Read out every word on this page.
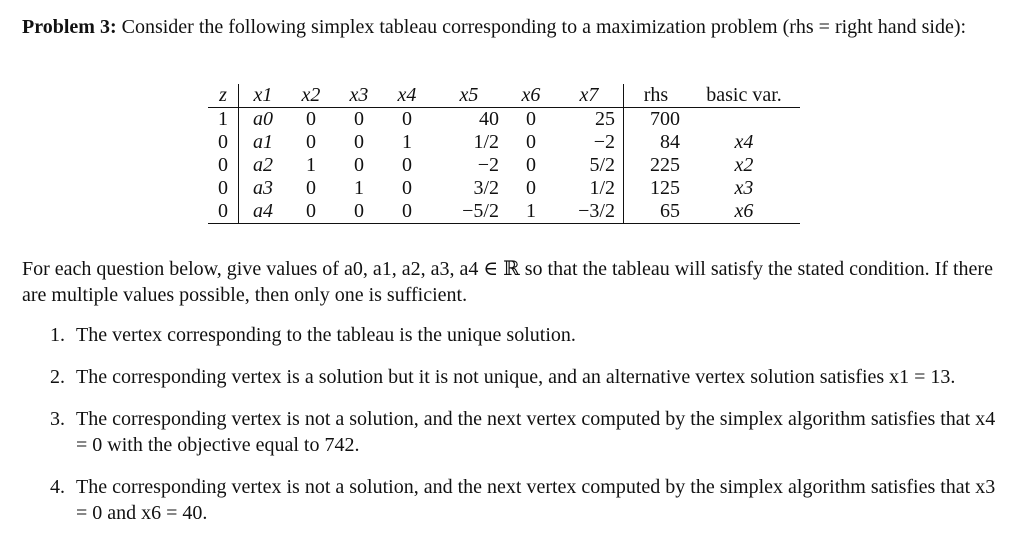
Problem 3: Consider the following simplex tableau corresponding to a maximization problem (rhs = right hand side):
z	x1	x2	x3	x4	x5	x6	x7	rhs	basic var.
1	a0	0	0	0	40	0	25	700	
0	a1	0	0	1	1/2	0	−2	84	x4
0	a2	1	0	0	−2	0	5/2	225	x2
0	a3	0	1	0	3/2	0	1/2	125	x3
0	a4	0	0	0	−5/2	1	−3/2	65	x6
For each question below, give values of a0, a1, a2, a3, a4 ∈ ℝ so that the tableau will satisfy the stated condition. If there are multiple values possible, then only one is sufficient.
1. The vertex corresponding to the tableau is the unique solution.
2. The corresponding vertex is a solution but it is not unique, and an alternative vertex solution satisfies x1 = 13.
3. The corresponding vertex is not a solution, and the next vertex computed by the simplex algorithm satisfies that x4 = 0 with the objective equal to 742.
4. The corresponding vertex is not a solution, and the next vertex computed by the simplex algorithm satisfies that x3 = 0 and x6 = 40.
